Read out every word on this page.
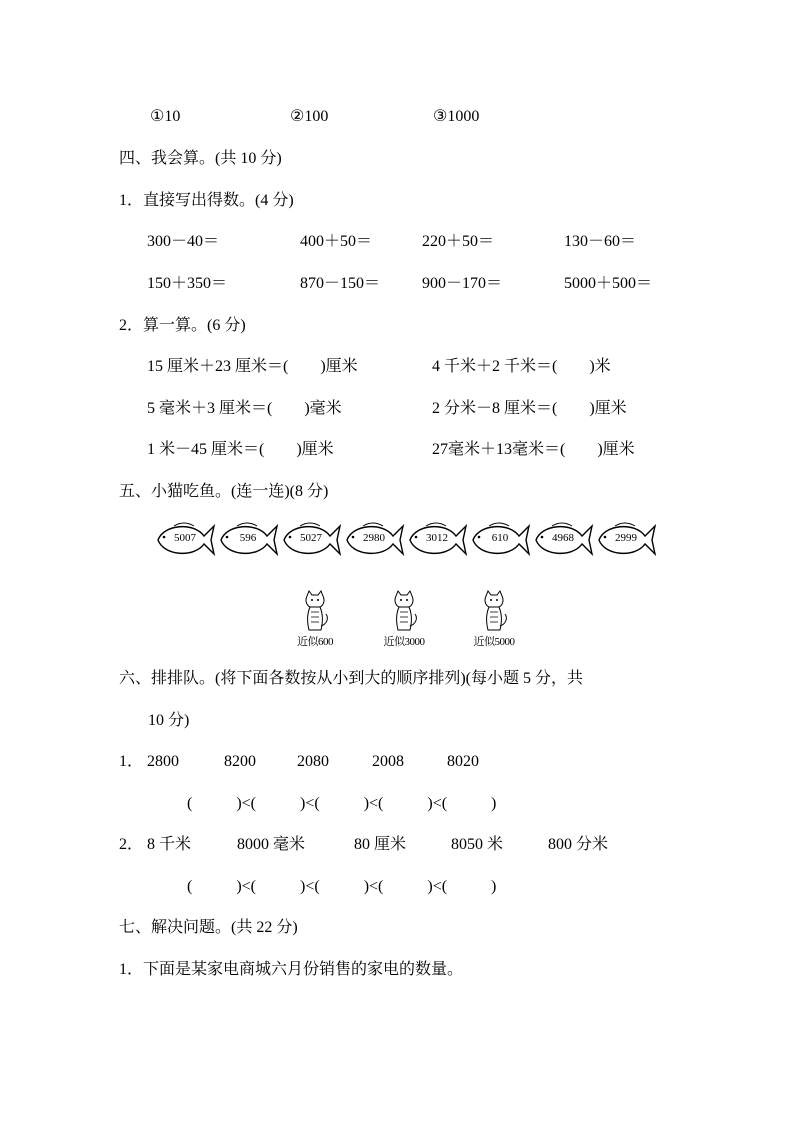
①10	②100	③1000
四、我会算。(共 10 分)
1．直接写出得数。(4 分)
300－40＝	400＋50＝	220＋50＝	130－60＝
150＋350＝	870－150＝	900－170＝	5000＋500＝
2．算一算。(6 分)
15 厘米＋23 厘米＝(　　)厘米	4 千米＋2 千米＝(　　)米
5 毫米＋3 厘米＝(　　)毫米	2 分米－8 厘米＝(　　)厘米
1 米－45 厘米＝(　　)厘米	27毫米＋13毫米＝(　　)厘米
五、小猫吃鱼。(连一连)(8 分)
5007	596	5027	2980	3012	610	4968	2999
近似600	近似3000	近似5000
六、排排队。(将下面各数按从小到大的顺序排列)(每小题 5 分，共
10 分)
1． 2800	8200	2080	2008	8020
(           )<(           )<(           )<(           )<(           )
2． 8 千米	8000 毫米	80 厘米	8050 米	800 分米
(           )<(           )<(           )<(           )<(           )
七、解决问题。(共 22 分)
1．下面是某家电商城六月份销售的家电的数量。
